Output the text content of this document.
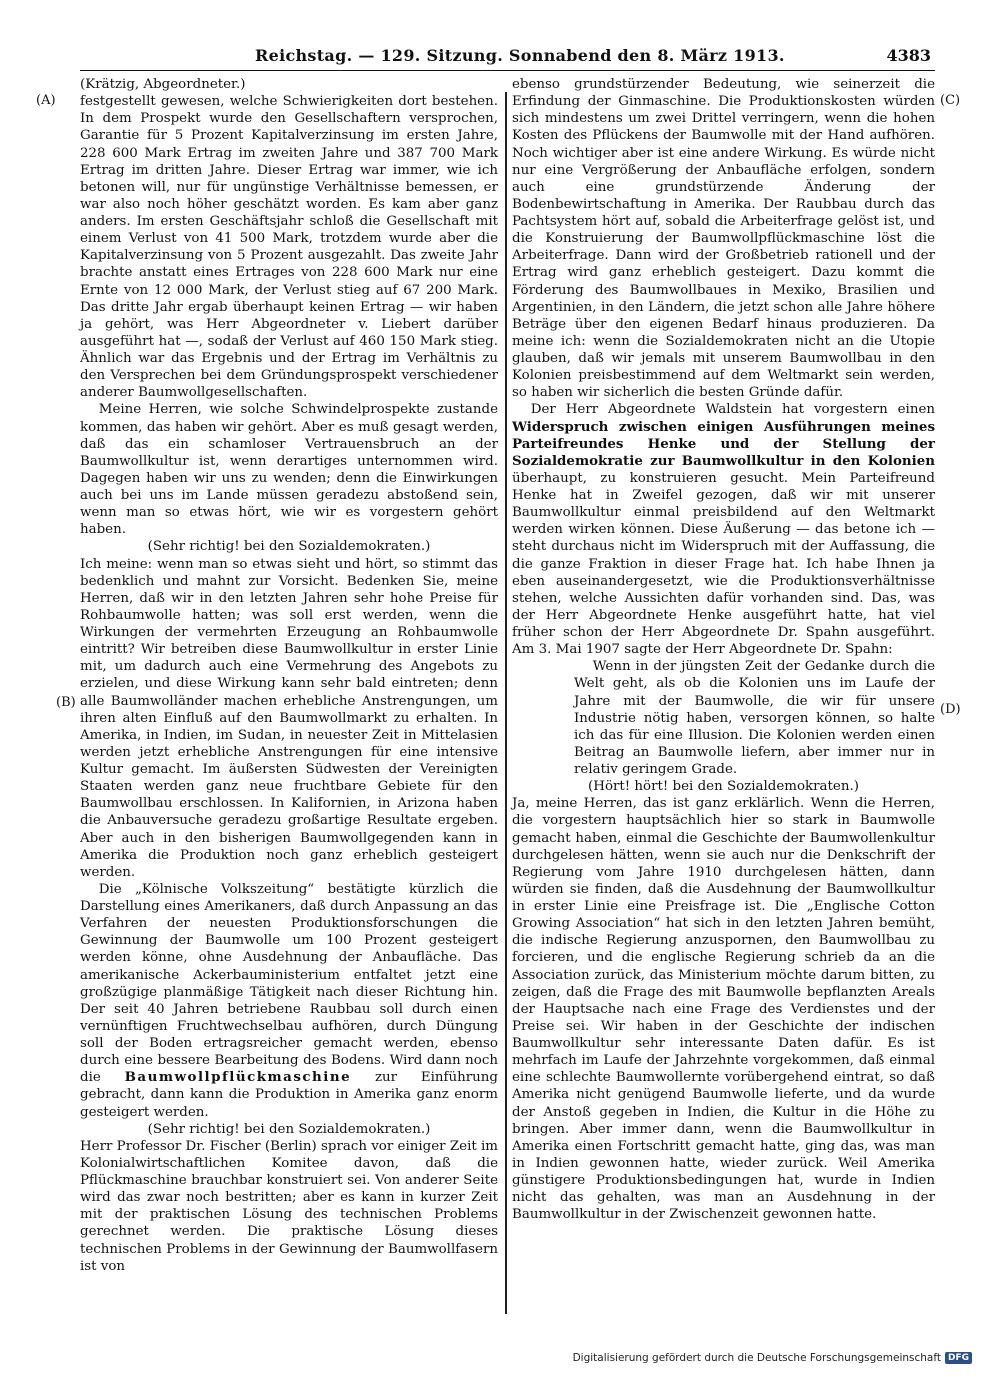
Reichstag. — 129. Sitzung. Sonnabend den 8. März 1913.	4383
(A)
(B)
(C)
(D)

(Krätzig, Abgeordneter.)

festgestellt gewesen, welche Schwierigkeiten dort bestehen. In dem Prospekt wurde den Gesellschaftern versprochen, Garantie für 5 Prozent Kapitalverzinsung im ersten Jahre, 228 600 Mark Ertrag im zweiten Jahre und 387 700 Mark Ertrag im dritten Jahre. Dieser Ertrag war immer, wie ich betonen will, nur für ungünstige Verhältnisse bemessen, er war also noch höher geschätzt worden. Es kam aber ganz anders. Im ersten Geschäftsjahr schloß die Gesellschaft mit einem Verlust von 41 500 Mark, trotzdem wurde aber die Kapitalverzinsung von 5 Prozent ausgezahlt. Das zweite Jahr brachte anstatt eines Ertrages von 228 600 Mark nur eine Ernte von 12 000 Mark, der Verlust stieg auf 67 200 Mark. Das dritte Jahr ergab überhaupt keinen Ertrag — wir haben ja gehört, was Herr Abgeordneter v. Liebert darüber ausgeführt hat —, sodaß der Verlust auf 460 150 Mark stieg. Ähnlich war das Ergebnis und der Ertrag im Verhältnis zu den Versprechen bei dem Gründungsprospekt verschiedener anderer Baumwollgesellschaften.

Meine Herren, wie solche Schwindelprospekte zustande kommen, das haben wir gehört. Aber es muß gesagt werden, daß das ein schamloser Vertrauensbruch an der Baumwollkultur ist, wenn derartiges unternommen wird. Dagegen haben wir uns zu wenden; denn die Einwirkungen auch bei uns im Lande müssen geradezu abstoßend sein, wenn man so etwas hört, wie wir es vorgestern gehört haben.

(Sehr richtig! bei den Sozialdemokraten.)

Ich meine: wenn man so etwas sieht und hört, so stimmt das bedenklich und mahnt zur Vorsicht. Bedenken Sie, meine Herren, daß wir in den letzten Jahren sehr hohe Preise für Rohbaumwolle hatten; was soll erst werden, wenn die Wirkungen der vermehrten Erzeugung an Rohbaumwolle eintritt? Wir betreiben diese Baumwollkultur in erster Linie mit, um dadurch auch eine Vermehrung des Angebots zu erzielen, und diese Wirkung kann sehr bald eintreten; denn alle Baumwolländer machen erhebliche Anstrengungen, um ihren alten Einfluß auf den Baumwollmarkt zu erhalten. In Amerika, in Indien, im Sudan, in neuester Zeit in Mittelasien werden jetzt erhebliche Anstrengungen für eine intensive Kultur gemacht. Im äußersten Südwesten der Vereinigten Staaten werden ganz neue fruchtbare Gebiete für den Baumwollbau erschlossen. In Kalifornien, in Arizona haben die Anbauversuche geradezu großartige Resultate ergeben. Aber auch in den bisherigen Baumwollgegenden kann in Amerika die Produktion noch ganz erheblich gesteigert werden.

Die „Kölnische Volkszeitung“ bestätigte kürzlich die Darstellung eines Amerikaners, daß durch Anpassung an das Verfahren der neuesten Produktionsforschungen die Gewinnung der Baumwolle um 100 Prozent gesteigert werden könne, ohne Ausdehnung der Anbaufläche. Das amerikanische Ackerbauministerium entfaltet jetzt eine großzügige planmäßige Tätigkeit nach dieser Richtung hin. Der seit 40 Jahren betriebene Raubbau soll durch einen vernünftigen Fruchtwechselbau aufhören, durch Düngung soll der Boden ertragsreicher gemacht werden, ebenso durch eine bessere Bearbeitung des Bodens. Wird dann noch die Baumwollpflückmaschine zur Einführung gebracht, dann kann die Produktion in Amerika ganz enorm gesteigert werden.

(Sehr richtig! bei den Sozialdemokraten.)

Herr Professor Dr. Fischer (Berlin) sprach vor einiger Zeit im Kolonialwirtschaftlichen Komitee davon, daß die Pflückmaschine brauchbar konstruiert sei. Von anderer Seite wird das zwar noch bestritten; aber es kann in kurzer Zeit mit der praktischen Lösung des technischen Problems gerechnet werden. Die praktische Lösung dieses technischen Problems in der Gewinnung der Baumwollfasern ist von

ebenso grundstürzender Bedeutung, wie seinerzeit die Erfindung der Ginmaschine. Die Produktionskosten würden sich mindestens um zwei Drittel verringern, wenn die hohen Kosten des Pflückens der Baumwolle mit der Hand aufhören. Noch wichtiger aber ist eine andere Wirkung. Es würde nicht nur eine Vergrößerung der Anbaufläche erfolgen, sondern auch eine grundstürzende Änderung der Bodenbewirtschaftung in Amerika. Der Raubbau durch das Pachtsystem hört auf, sobald die Arbeiterfrage gelöst ist, und die Konstruierung der Baumwollpflückmaschine löst die Arbeiterfrage. Dann wird der Großbetrieb rationell und der Ertrag wird ganz erheblich gesteigert. Dazu kommt die Förderung des Baumwollbaues in Mexiko, Brasilien und Argentinien, in den Ländern, die jetzt schon alle Jahre höhere Beträge über den eigenen Bedarf hinaus produzieren. Da meine ich: wenn die Sozialdemokraten nicht an die Utopie glauben, daß wir jemals mit unserem Baumwollbau in den Kolonien preisbestimmend auf dem Weltmarkt sein werden, so haben wir sicherlich die besten Gründe dafür.

Der Herr Abgeordnete Waldstein hat vorgestern einen Widerspruch zwischen einigen Ausführungen meines Parteifreundes Henke und der Stellung der Sozialdemokratie zur Baumwollkultur in den Kolonien überhaupt, zu konstruieren gesucht. Mein Parteifreund Henke hat in Zweifel gezogen, daß wir mit unserer Baumwollkultur einmal preisbildend auf den Weltmarkt werden wirken können. Diese Äußerung — das betone ich — steht durchaus nicht im Widerspruch mit der Auffassung, die die ganze Fraktion in dieser Frage hat. Ich habe Ihnen ja eben auseinandergesetzt, wie die Produktionsverhältnisse stehen, welche Aussichten dafür vorhanden sind. Das, was der Herr Abgeordnete Henke ausgeführt hatte, hat viel früher schon der Herr Abgeordnete Dr. Spahn ausgeführt. Am 3. Mai 1907 sagte der Herr Abgeordnete Dr. Spahn:

Wenn in der jüngsten Zeit der Gedanke durch die Welt geht, als ob die Kolonien uns im Laufe der Jahre mit der Baumwolle, die wir für unsere Industrie nötig haben, versorgen können, so halte ich das für eine Illusion. Die Kolonien werden einen Beitrag an Baumwolle liefern, aber immer nur in relativ geringem Grade.

(Hört! hört! bei den Sozialdemokraten.)

Ja, meine Herren, das ist ganz erklärlich. Wenn die Herren, die vorgestern hauptsächlich hier so stark in Baumwolle gemacht haben, einmal die Geschichte der Baumwollenkultur durchgelesen hätten, wenn sie auch nur die Denkschrift der Regierung vom Jahre 1910 durchgelesen hätten, dann würden sie finden, daß die Ausdehnung der Baumwollkultur in erster Linie eine Preisfrage ist. Die „Englische Cotton Growing Association“ hat sich in den letzten Jahren bemüht, die indische Regierung anzuspornen, den Baumwollbau zu forcieren, und die englische Regierung schrieb da an die Association zurück, das Ministerium möchte darum bitten, zu zeigen, daß die Frage des mit Baumwolle bepflanzten Areals der Hauptsache nach eine Frage des Verdienstes und der Preise sei. Wir haben in der Geschichte der indischen Baumwollkultur sehr interessante Daten dafür. Es ist mehrfach im Laufe der Jahrzehnte vorgekommen, daß einmal eine schlechte Baumwollernte vorübergehend eintrat, so daß Amerika nicht genügend Baumwolle lieferte, und da wurde der Anstoß gegeben in Indien, die Kultur in die Höhe zu bringen. Aber immer dann, wenn die Baumwollkultur in Amerika einen Fortschritt gemacht hatte, ging das, was man in Indien gewonnen hatte, wieder zurück. Weil Amerika günstigere Produktionsbedingungen hat, wurde in Indien nicht das gehalten, was man an Ausdehnung in der Baumwollkultur in der Zwischenzeit gewonnen hatte.

Digitalisierung gefördert durch die Deutsche Forschungsgemeinschaft DFG
